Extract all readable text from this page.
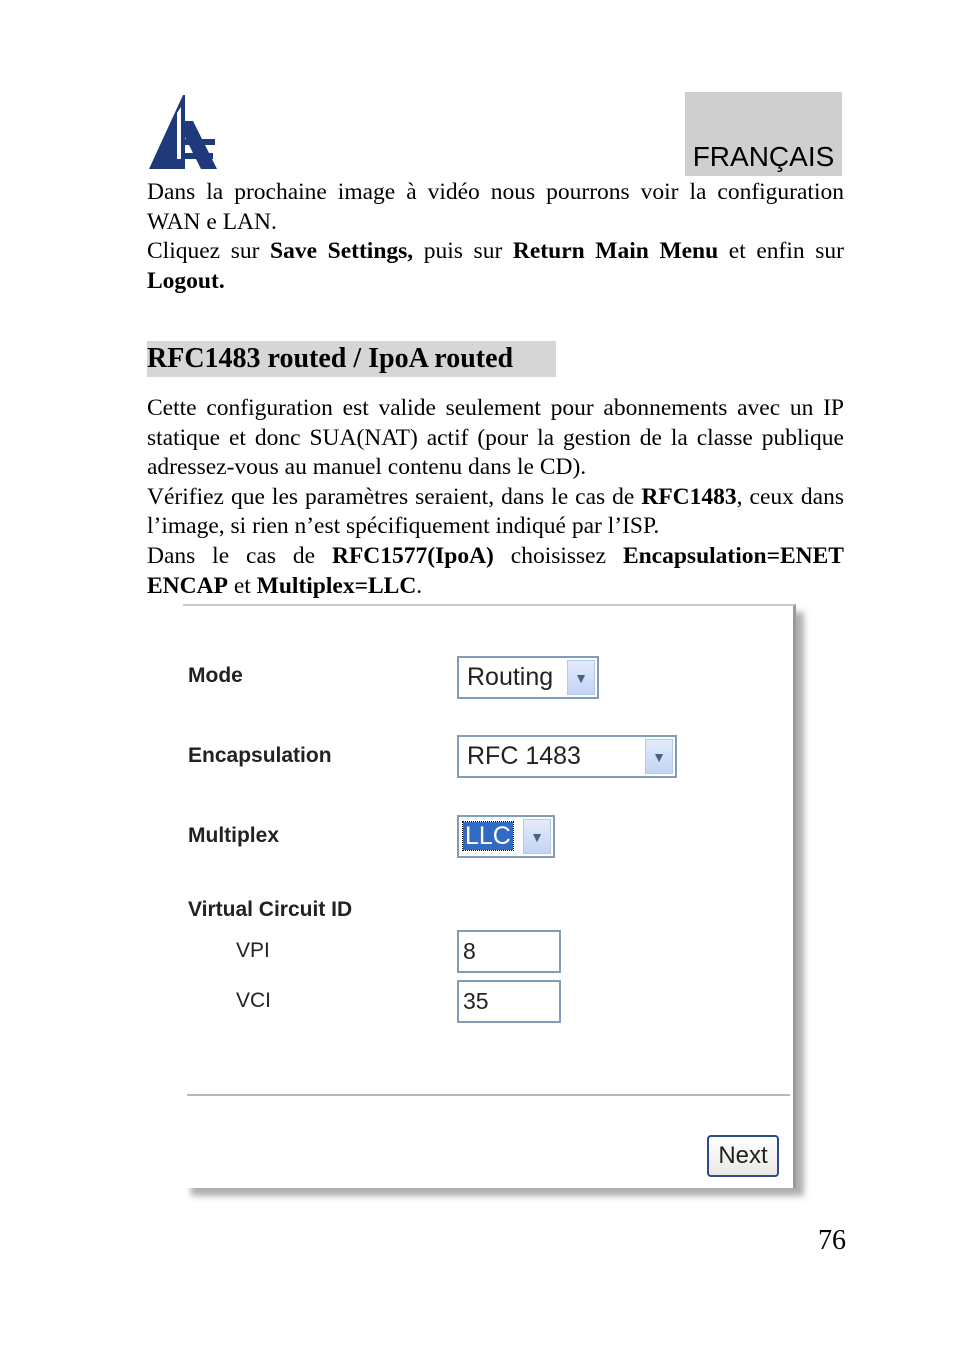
FRANÇAIS

Dans la prochaine image à vidéo nous pourrons voir la configuration WAN e LAN.

Cliquez sur Save Settings, puis sur Return Main Menu et enfin sur Logout.

RFC1483 routed / IpoA routed

Cette configuration est valide seulement pour abonnements avec un IP statique et donc SUA(NAT) actif (pour la gestion de la classe publique adressez-vous au manuel contenu dans le CD).

Vérifiez que les paramètres seraient, dans le cas de RFC1483, ceux dans l’image, si rien n’est spécifiquement indiqué par l’ISP.

Dans le cas de RFC1577(IpoA) choisissez Encapsulation=ENET ENCAP et Multiplex=LLC.

Mode	Routing	▼
Encapsulation	RFC 1483	▼
Multiplex	LLC	▼
Virtual Circuit ID
VPI	8
VCI	35
Next
76
